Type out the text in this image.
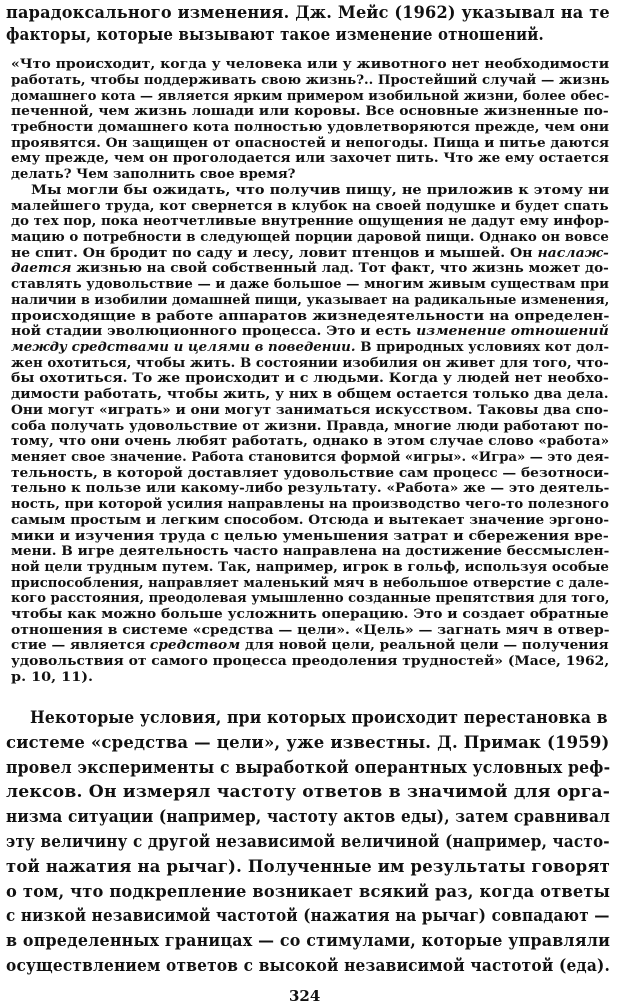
парадоксального изменения. Дж. Мейс (1962) указывал на те

факторы, которые вызывают такое изменение отношений.

«Что происходит, когда у человека или у животного нет необходимости

работать, чтобы поддерживать свою жизнь?.. Простейший случай — жизнь

домашнего кота — является ярким примером изобильной жизни, более обес-

печенной, чем жизнь лошади или коровы. Все основные жизненные по-

требности домашнего кота полностью удовлетворяются прежде, чем они

проявятся. Он защищен от опасностей и непогоды. Пища и питье даются

ему прежде, чем он проголодается или захочет пить. Что же ему остается

делать? Чем заполнить свое время?

Мы могли бы ожидать, что получив пищу, не приложив к этому ни

малейшего труда, кот свернется в клубок на своей подушке и будет спать

до тех пор, пока неотчетливые внутренние ощущения не дадут ему инфор-

мацию о потребности в следующей порции даровой пищи. Однако он вовсе

не спит. Он бродит по саду и лесу, ловит птенцов и мышей. Он наслаж-

дается жизнью на свой собственный лад. Тот факт, что жизнь может до-

ставлять удовольствие — и даже большое — многим живым существам при

наличии в изобилии домашней пищи, указывает на радикальные изменения,

происходящие в работе аппаратов жизнедеятельности на определен-

ной стадии эволюционного процесса. Это и есть изменение отношений

между средствами и целями в поведении. В природных условиях кот дол-

жен охотиться, чтобы жить. В состоянии изобилия он живет для того, что-

бы охотиться. То же происходит и с людьми. Когда у людей нет необхо-

димости работать, чтобы жить, у них в общем остается только два дела.

Они могут «играть» и они могут заниматься искусством. Таковы два спо-

соба получать удовольствие от жизни. Правда, многие люди работают по-

тому, что они очень любят работать, однако в этом случае слово «работа»

меняет свое значение. Работа становится формой «игры». «Игра» — это дея-

тельность, в которой доставляет удовольствие сам процесс — безотноси-

тельно к пользе или какому-либо результату. «Работа» же — это деятель-

ность, при которой усилия направлены на производство чего-то полезного

самым простым и легким способом. Отсюда и вытекает значение эргоно-

мики и изучения труда с целью уменьшения затрат и сбережения вре-

мени. В игре деятельность часто направлена на достижение бессмыслен-

ной цели трудным путем. Так, например, игрок в гольф, используя особые

приспособления, направляет маленький мяч в небольшое отверстие с дале-

кого расстояния, преодолевая умышленно созданные препятствия для того,

чтобы как можно больше усложнить операцию. Это и создает обратные

отношения в системе «средства — цели». «Цель» — загнать мяч в отвер-

стие — является средством для новой цели, реальной цели — получения

удовольствия от самого процесса преодоления трудностей» (Масе, 1962,

р. 10, 11).

Некоторые условия, при которых происходит перестановка в

системе «средства — цели», уже известны. Д. Примак (1959)

провел эксперименты с выработкой оперантных условных реф-

лексов. Он измерял частоту ответов в значимой для орга-

низма ситуации (например, частоту актов еды), затем сравнивал

эту величину с другой независимой величиной (например, часто-

той нажатия на рычаг). Полученные им результаты говорят

о том, что подкрепление возникает всякий раз, когда ответы

с низкой независимой частотой (нажатия на рычаг) совпадают —

в определенных границах — со стимулами, которые управляли

осуществлением ответов с высокой независимой частотой (еда).

324
